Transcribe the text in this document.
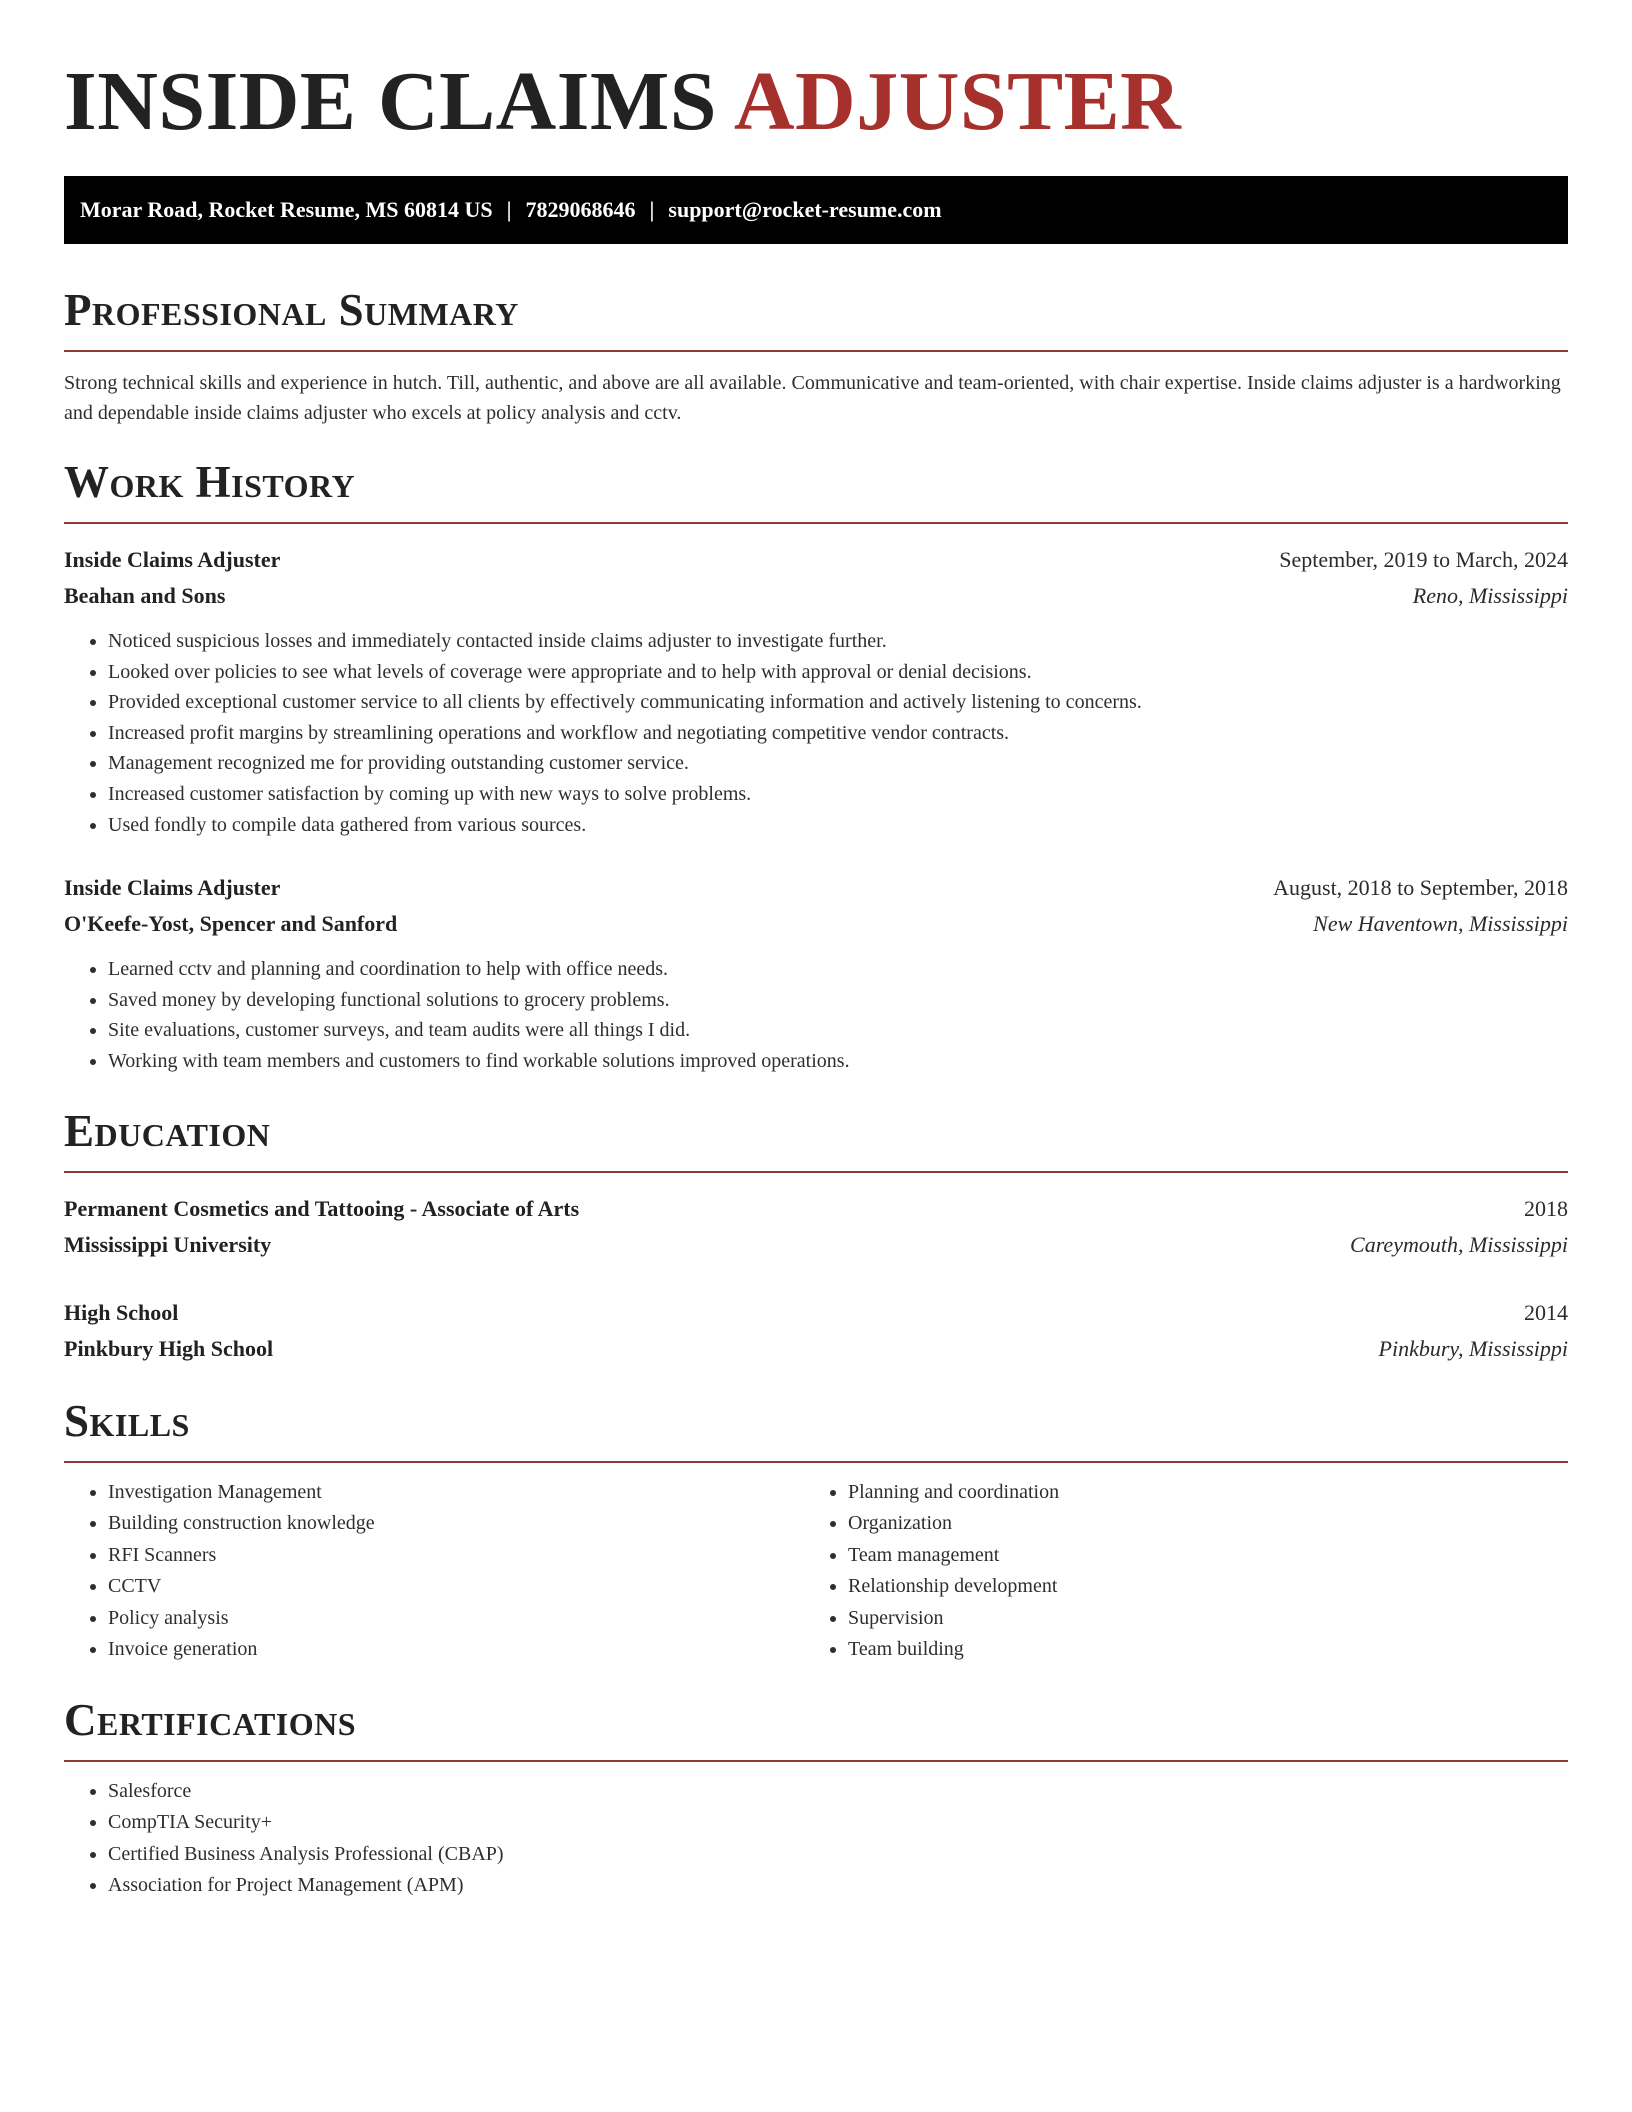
INSIDE CLAIMS ADJUSTER
Morar Road, Rocket Resume, MS 60814 US | 7829068646 | support@rocket-resume.com
Professional Summary

Strong technical skills and experience in hutch. Till, authentic, and above are all available. Communicative and team-oriented, with chair expertise. Inside claims adjuster is a hardworking and dependable inside claims adjuster who excels at policy analysis and cctv.

Work History
Inside Claims Adjuster	September, 2019 to March, 2024
Beahan and Sons	Reno, Mississippi
• Noticed suspicious losses and immediately contacted inside claims adjuster to investigate further.
• Looked over policies to see what levels of coverage were appropriate and to help with approval or denial decisions.
• Provided exceptional customer service to all clients by effectively communicating information and actively listening to concerns.
• Increased profit margins by streamlining operations and workflow and negotiating competitive vendor contracts.
• Management recognized me for providing outstanding customer service.
• Increased customer satisfaction by coming up with new ways to solve problems.
• Used fondly to compile data gathered from various sources.
Inside Claims Adjuster	August, 2018 to September, 2018
O'Keefe-Yost, Spencer and Sanford	New Haventown, Mississippi
• Learned cctv and planning and coordination to help with office needs.
• Saved money by developing functional solutions to grocery problems.
• Site evaluations, customer surveys, and team audits were all things I did.
• Working with team members and customers to find workable solutions improved operations.
Education
Permanent Cosmetics and Tattooing - Associate of Arts	2018
Mississippi University	Careymouth, Mississippi
High School	2014
Pinkbury High School	Pinkbury, Mississippi
Skills
• Investigation Management
• Building construction knowledge
• RFI Scanners
• CCTV
• Policy analysis
• Invoice generation
• Planning and coordination
• Organization
• Team management
• Relationship development
• Supervision
• Team building
Certifications
• Salesforce
• CompTIA Security+
• Certified Business Analysis Professional (CBAP)
• Association for Project Management (APM)
